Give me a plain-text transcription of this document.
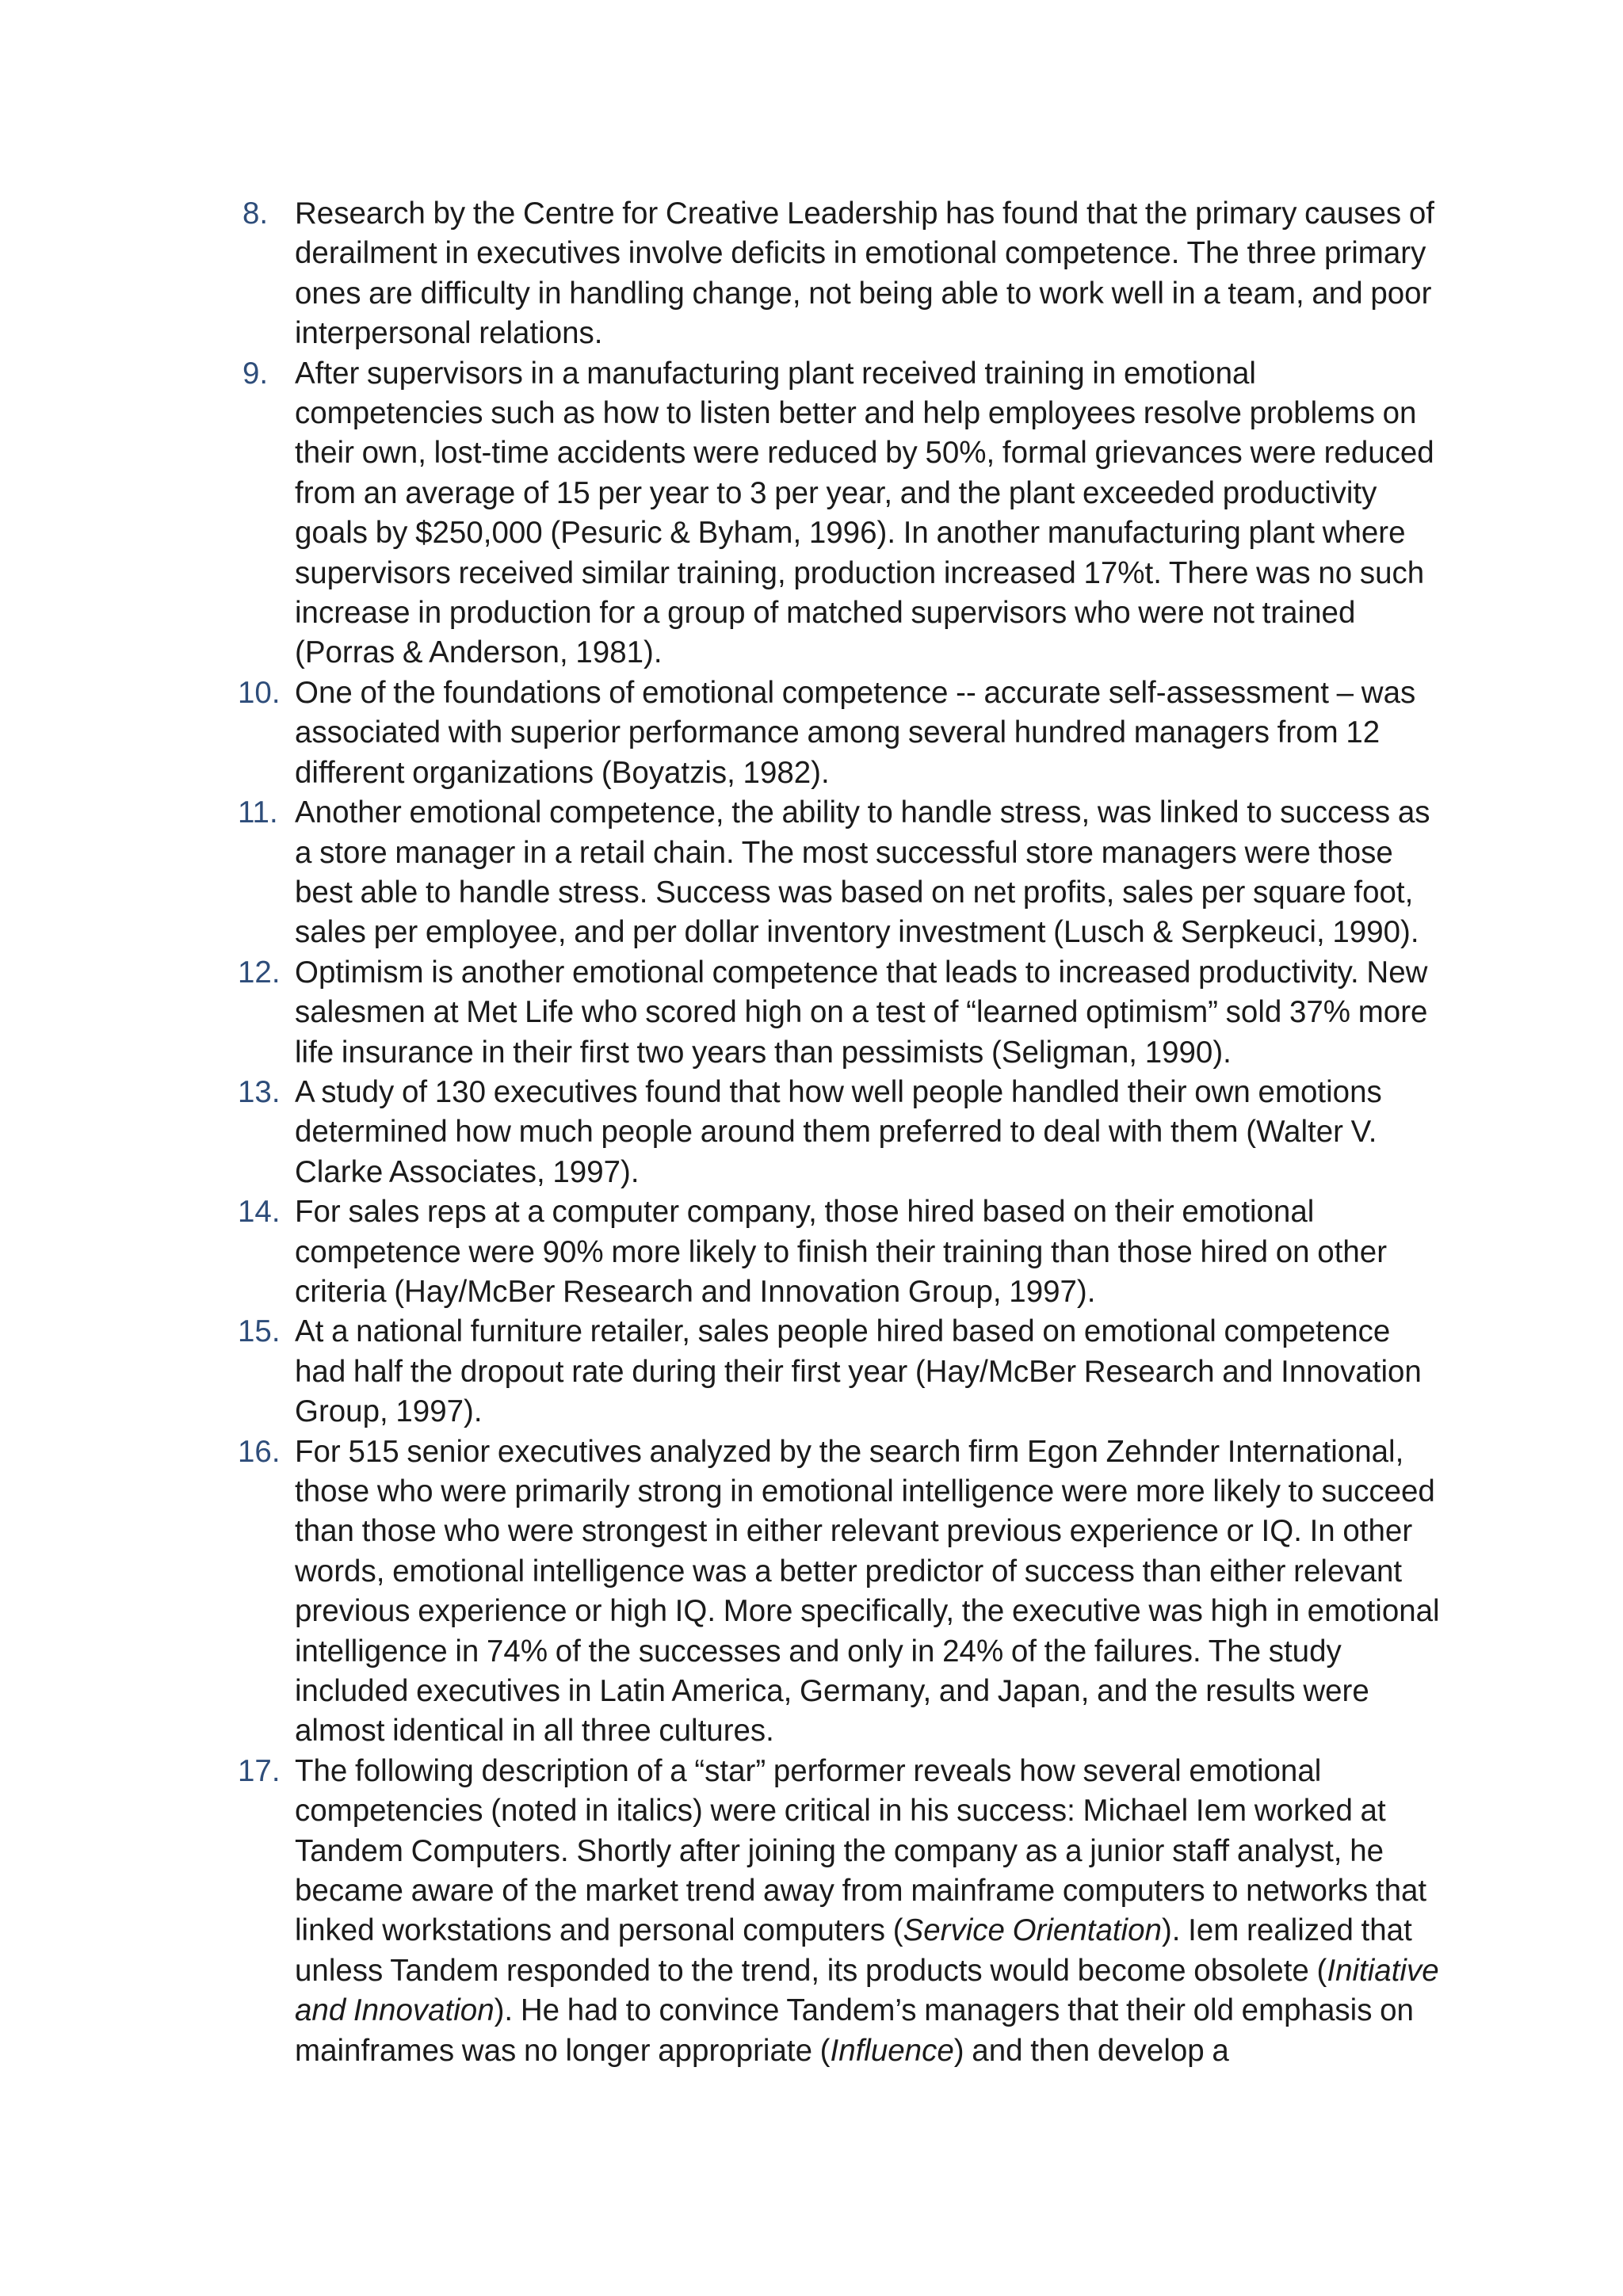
8. Research by the Centre for Creative Leadership has found that the primary causes of derailment in executives involve deficits in emotional competence. The three primary ones are difficulty in handling change, not being able to work well in a team, and poor interpersonal relations.

9. After supervisors in a manufacturing plant received training in emotional competencies such as how to listen better and help employees resolve problems on their own, lost-time accidents were reduced by 50%, formal grievances were reduced from an average of 15 per year to 3 per year, and the plant exceeded productivity goals by $250,000 (Pesuric & Byham, 1996). In another manufacturing plant where supervisors received similar training, production increased 17%t. There was no such increase in production for a group of matched supervisors who were not trained (Porras & Anderson, 1981).

10. One of the foundations of emotional competence -- accurate self-assessment – was associated with superior performance among several hundred managers from 12 different organizations (Boyatzis, 1982).

11. Another emotional competence, the ability to handle stress, was linked to success as a store manager in a retail chain. The most successful store managers were those best able to handle stress. Success was based on net profits, sales per square foot, sales per employee, and per dollar inventory investment (Lusch & Serpkeuci, 1990).

12. Optimism is another emotional competence that leads to increased productivity. New salesmen at Met Life who scored high on a test of “learned optimism” sold 37% more life insurance in their first two years than pessimists (Seligman, 1990).

13. A study of 130 executives found that how well people handled their own emotions determined how much people around them preferred to deal with them (Walter V. Clarke Associates, 1997).

14. For sales reps at a computer company, those hired based on their emotional competence were 90% more likely to finish their training than those hired on other criteria (Hay/McBer Research and Innovation Group, 1997).

15. At a national furniture retailer, sales people hired based on emotional competence had half the dropout rate during their first year (Hay/McBer Research and Innovation Group, 1997).

16. For 515 senior executives analyzed by the search firm Egon Zehnder International, those who were primarily strong in emotional intelligence were more likely to succeed than those who were strongest in either relevant previous experience or IQ. In other words, emotional intelligence was a better predictor of success than either relevant previous experience or high IQ. More specifically, the executive was high in emotional intelligence in 74% of the successes and only in 24% of the failures. The study included executives in Latin America, Germany, and Japan, and the results were almost identical in all three cultures.

17. The following description of a “star” performer reveals how several emotional competencies (noted in italics) were critical in his success: Michael Iem worked at Tandem Computers. Shortly after joining the company as a junior staff analyst, he became aware of the market trend away from mainframe computers to networks that linked workstations and personal computers (Service Orientation). Iem realized that unless Tandem responded to the trend, its products would become obsolete (Initiative and Innovation). He had to convince Tandem’s managers that their old emphasis on mainframes was no longer appropriate (Influence) and then develop a
